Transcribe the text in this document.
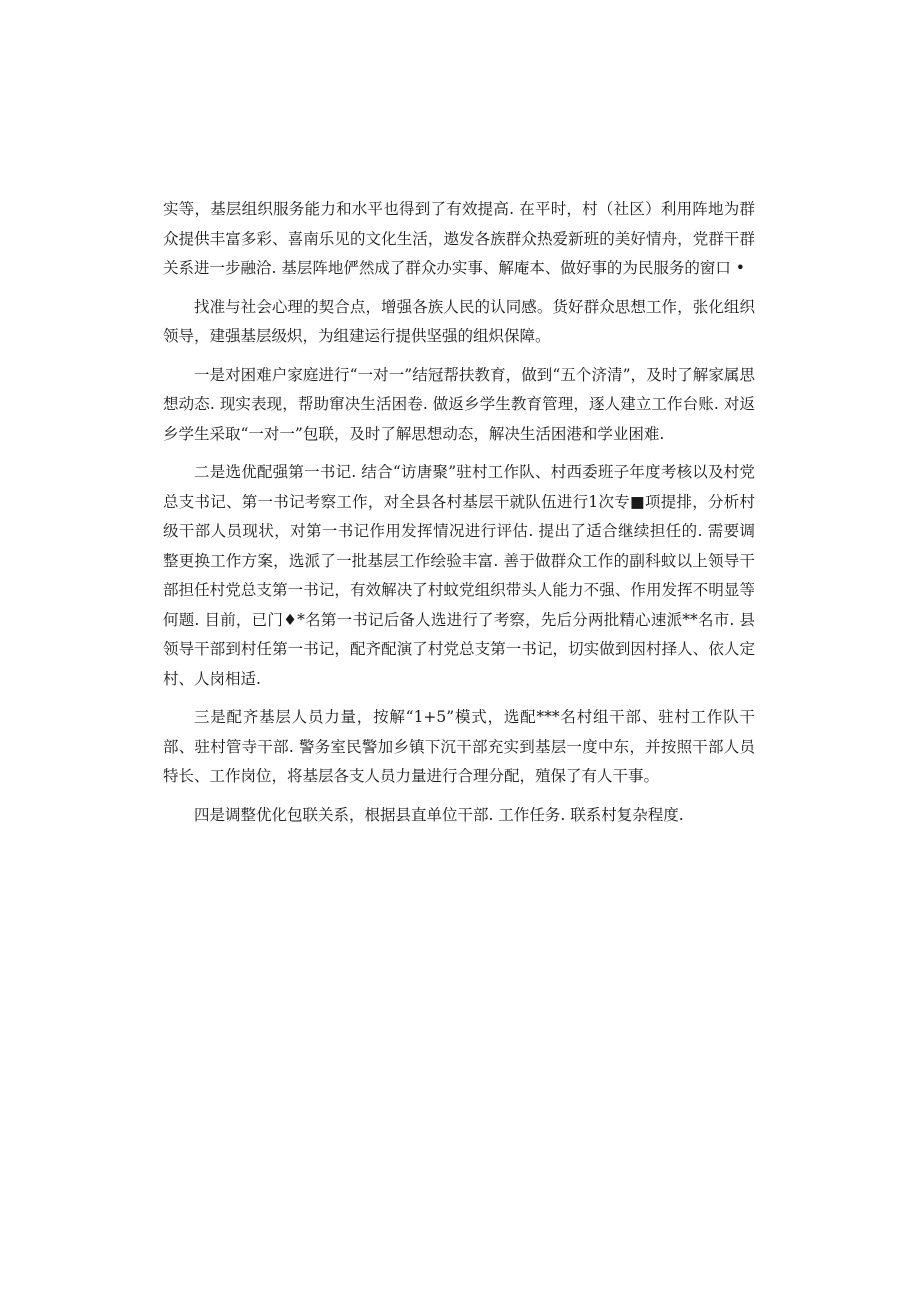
实等，基层组织服务能力和水平也得到了有效提高. 在平时，村（社区）利用阵地为群众提供丰富多彩、喜南乐见的文化生活，遨发各族群众热爱新班的美好情舟，党群干群关系进一步融洽. 基层阵地俨然成了群众办实事、解庵本、做好事的为民服务的窗口 •

找准与社会心理的契合点，增强各族人民的认同感。货好群众思想工作，张化组织领导，建强基层级炽，为组建运行提供坚强的组炽保障。

一是对困难户家庭进行“一对一”结冠帮扶教育，做到“五个济清”，及时了解家属思想动态. 现实表现，帮助窜决生活困卷. 做返乡学生教育管理，逐人建立工作台账. 对返乡学生采取“一对一”包联，及时了解思想动态，解决生活困港和学业困难.

二是选优配强第一书记. 结合“访唐聚”驻村工作队、村西委班子年度考核以及村党总支书记、第一书记考察工作，对全县各村基层干就队伍进行1次专■项提排，分析村级干部人员现状，对第一书记作用发挥情况进行评估. 提出了适合继续担任的. 需要调整更换工作方案，选派了一批基层工作绘验丰富. 善于做群众工作的副科蚊以上领导干部担任村党总支第一书记，有效解决了村蚊党组织带头人能力不强、作用发挥不明显等何题. 目前，已门♦*名第一书记后备人选进行了考察，先后分两批精心速派**名市. 县领导干部到村任第一书记，配齐配演了村党总支第一书记，切实做到因村择人、依人定村、人岗相适.

三是配齐基层人员力量，按解“1+5”模式，选配***名村组干部、驻村工作队干部、驻村管寺干部. 警务室民警加乡镇下沉干部充实到基层一度中东，并按照干部人员特长、工作岗位，将基层各支人员力量进行合理分配，殖保了有人干事。

四是调整优化包联关系，根据县直单位干部. 工作任务. 联系村复杂程度.
